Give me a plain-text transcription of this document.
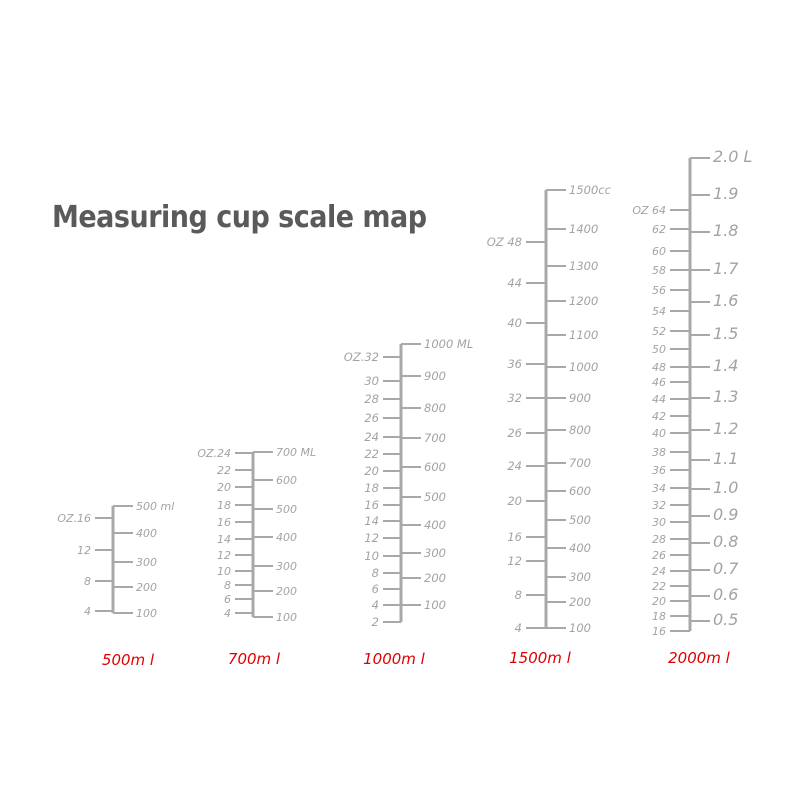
Measuring cup scale map
OZ.16
12
8
4
500 ml
400
300
200
100
500m l
OZ.24
22
20
18
16
14
12
10
8
6
4
700 ML
600
500
400
300
200
100
700m l
OZ.32
30
28
26
24
22
20
18
16
14
12
10
8
6
4
2
1000 ML
900
800
700
600
500
400
300
200
100
1000m l
OZ 48
44
40
36
32
26
24
20
16
12
8
4
1500cc
1400
1300
1200
1100
1000
900
800
700
600
500
400
300
200
100
1500m l
OZ 64
62
60
58
56
54
52
50
48
46
44
42
40
38
36
34
32
30
28
26
24
22
20
18
16
2.0 L
1.9
1.8
1.7
1.6
1.5
1.4
1.3
1.2
1.1
1.0
0.9
0.8
0.7
0.6
0.5
2000m l
